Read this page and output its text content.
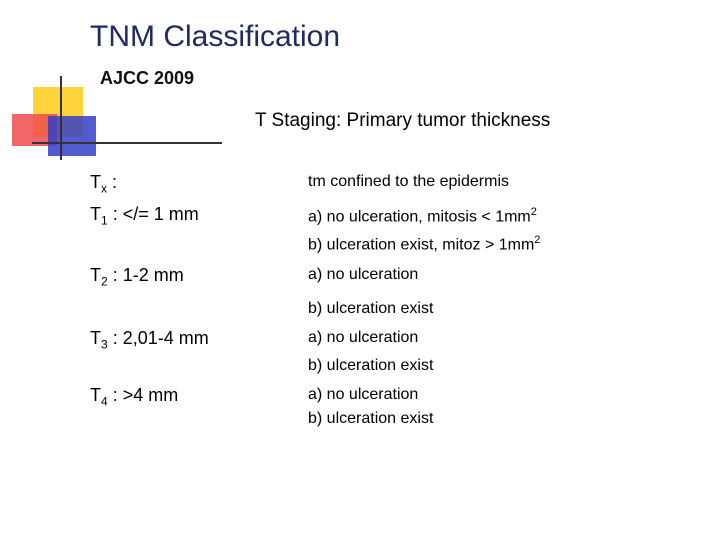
TNM Classification
AJCC 2009
T Staging: Primary tumor thickness
$T_x$ :	tm confined to the epidermis
$T_1$ : </= 1 mm	a) no ulceration, mitosis < $1mm^2$
b) ulceration exist, mitoz > $1mm^2$
$T_2$ : 1-2 mm	a) no ulceration
b) ulceration exist
$T_3$ : 2,01-4 mm	a) no ulceration
b) ulceration exist
$T_4$ : >4 mm	a) no ulceration
b) ulceration exist
